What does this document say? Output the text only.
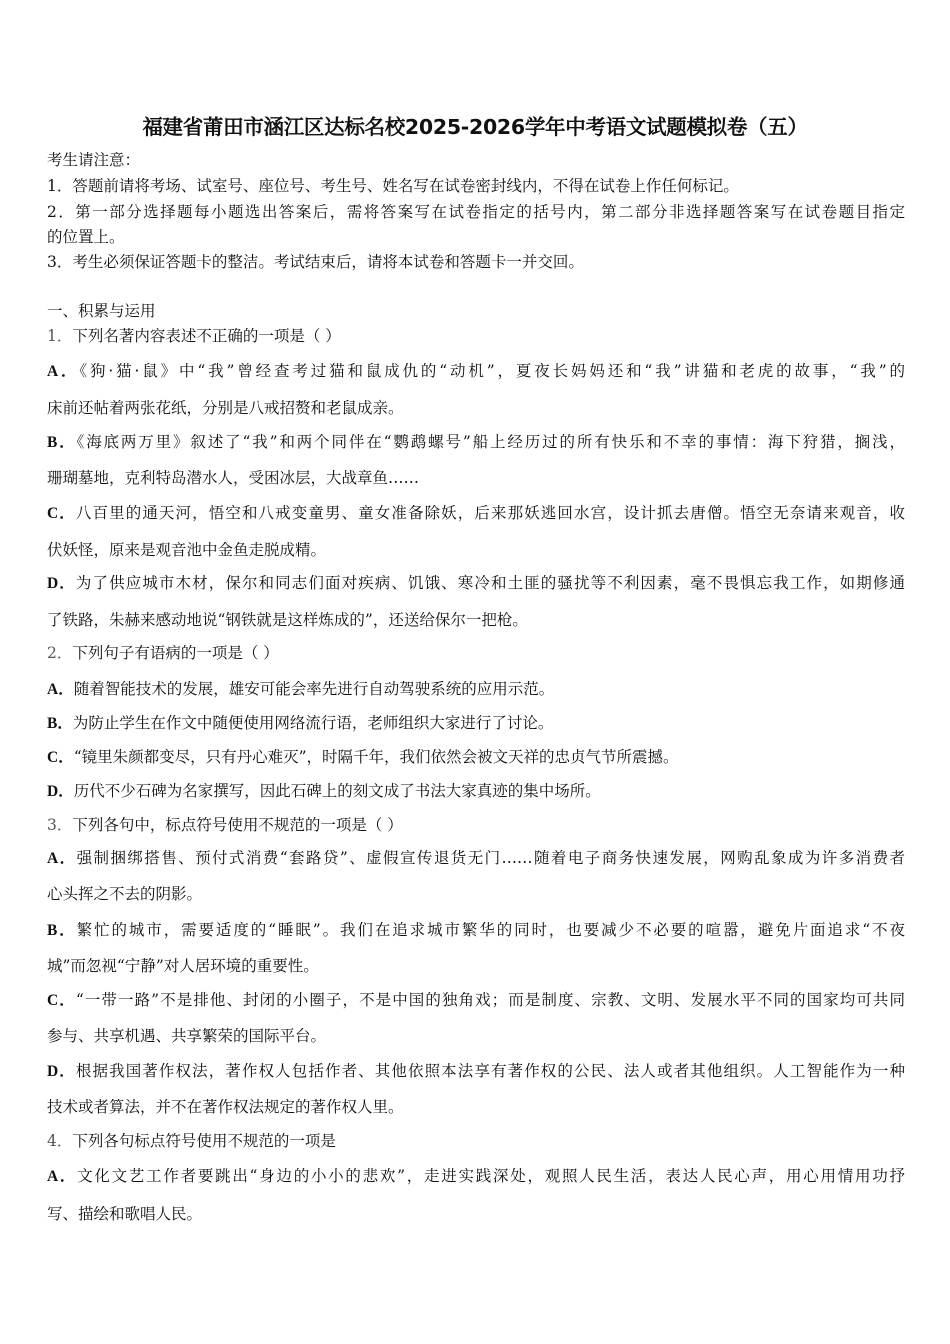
福建省莆田市涵江区达标名校2025-2026学年中考语文试题模拟卷（五）
考生请注意：
1．答题前请将考场、试室号、座位号、考生号、姓名写在试卷密封线内，不得在试卷上作任何标记。
2．第一部分选择题每小题选出答案后，需将答案写在试卷指定的括号内，第二部分非选择题答案写在试卷题目指定
的位置上。
3．考生必须保证答题卡的整洁。考试结束后，请将本试卷和答题卡一并交回。
一、积累与运用
1．下列名著内容表述不正确的一项是（ ）
A．《狗·猫·鼠》中“我”曾经查考过猫和鼠成仇的“动机”，夏夜长妈妈还和“我”讲猫和老虎的故事，“我”的
床前还帖着两张花纸，分别是八戒招赘和老鼠成亲。
B．《海底两万里》叙述了“我”和两个同伴在“鹦鹉螺号”船上经历过的所有快乐和不幸的事情：海下狩猎，搁浅，
珊瑚墓地，克利特岛潜水人，受困冰层，大战章鱼……
C．八百里的通天河，悟空和八戒变童男、童女准备除妖，后来那妖逃回水宫，设计抓去唐僧。悟空无奈请来观音，收
伏妖怪，原来是观音池中金鱼走脱成精。
D．为了供应城市木材，保尔和同志们面对疾病、饥饿、寒冷和土匪的骚扰等不利因素，毫不畏惧忘我工作，如期修通
了铁路，朱赫来感动地说“钢铁就是这样炼成的”，还送给保尔一把枪。
2．下列句子有语病的一项是（ ）
A．随着智能技术的发展，雄安可能会率先进行自动驾驶系统的应用示范。
B．为防止学生在作文中随便使用网络流行语，老师组织大家进行了讨论。
C．“镜里朱颜都变尽，只有丹心难灭”，时隔千年，我们依然会被文天祥的忠贞气节所震撼。
D．历代不少石碑为名家撰写，因此石碑上的刻文成了书法大家真迹的集中场所。
3．下列各句中，标点符号使用不规范的一项是（ ）
A．强制捆绑搭售、预付式消费“套路贷”、虚假宣传退货无门……随着电子商务快速发展，网购乱象成为许多消费者
心头挥之不去的阴影。
B．繁忙的城市，需要适度的“睡眠”。我们在追求城市繁华的同时，也要减少不必要的喧嚣，避免片面追求“不夜
城”而忽视“宁静”对人居环境的重要性。
C．“一带一路”不是排他、封闭的小圈子，不是中国的独角戏；而是制度、宗教、文明、发展水平不同的国家均可共同
参与、共享机遇、共享繁荣的国际平台。
D．根据我国著作权法，著作权人包括作者、其他依照本法享有著作权的公民、法人或者其他组织。人工智能作为一种
技术或者算法，并不在著作权法规定的著作权人里。
4．下列各句标点符号使用不规范的一项是
A．文化文艺工作者要跳出“身边的小小的悲欢”，走进实践深处，观照人民生活，表达人民心声，用心用情用功抒
写、描绘和歌唱人民。
